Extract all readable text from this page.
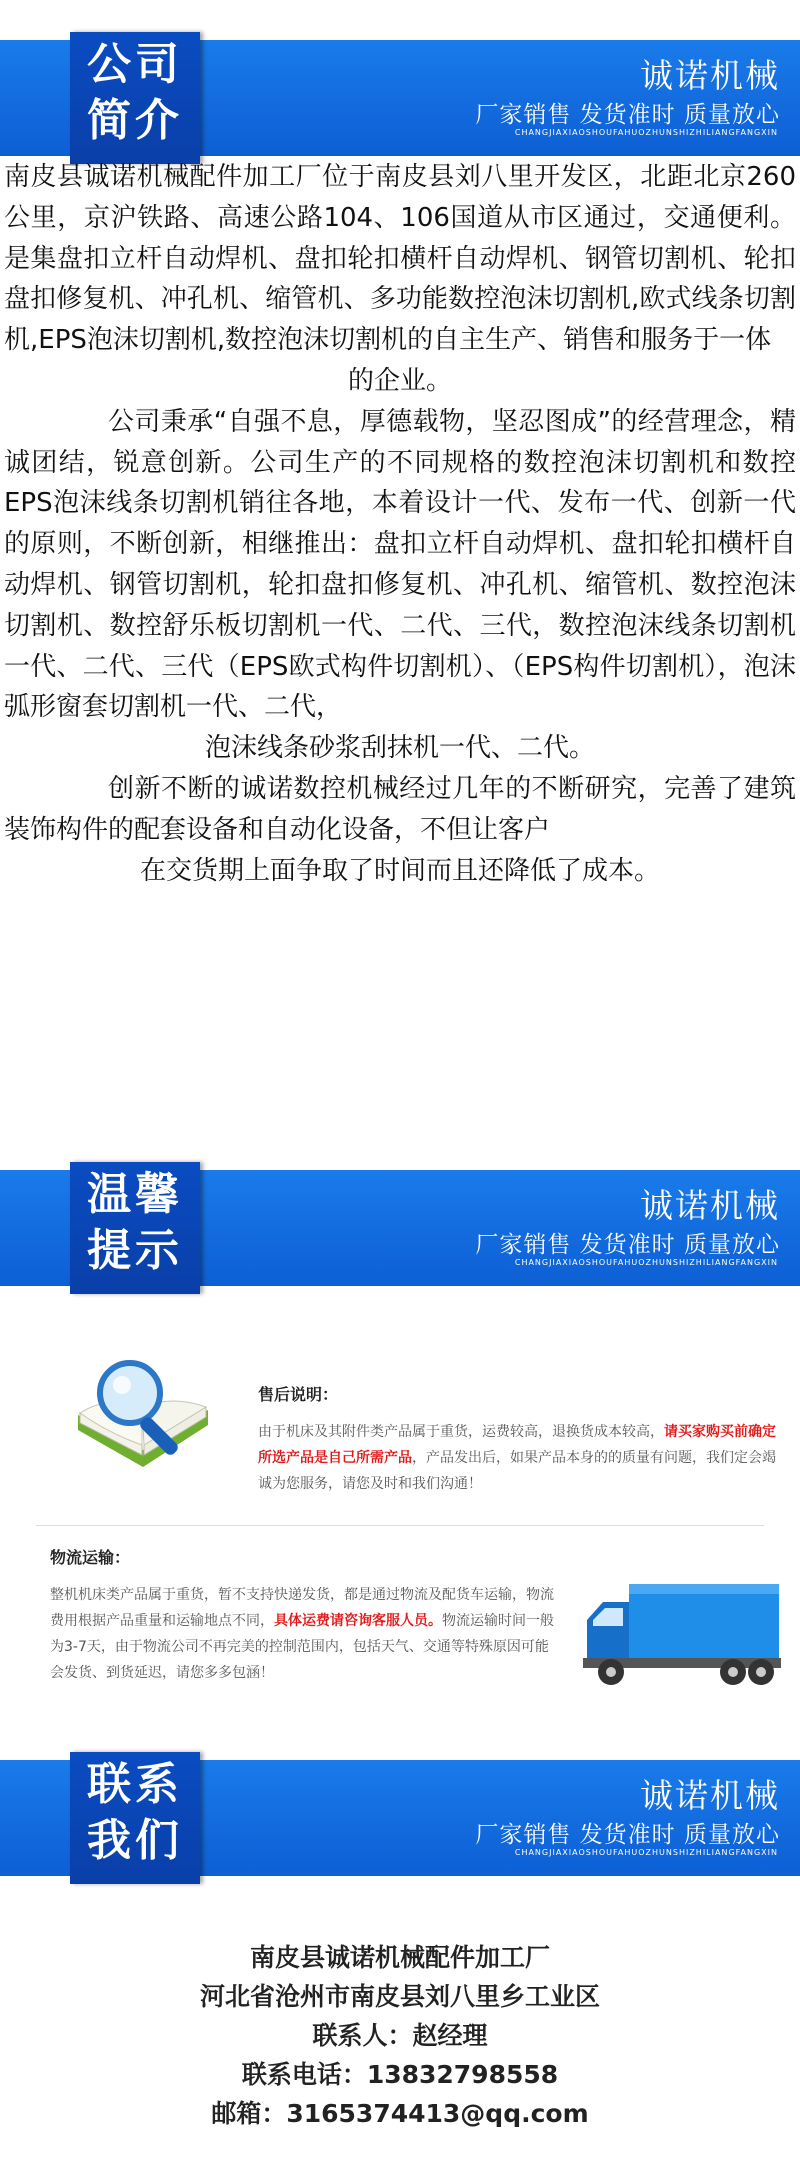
公司
简介
诚诺机械
厂家销售 发货准时 质量放心
CHANGJIAXIAOSHOUFAHUOZHUNSHIZHILIANGFANGXIN

南皮县诚诺机械配件加工厂位于南皮县刘八里开发区，北距北京260公里，京沪铁路、高速公路104、106国道从市区通过，交通便利。是集盘扣立杆自动焊机、盘扣轮扣横杆自动焊机、钢管切割机、轮扣盘扣修复机、冲孔机、缩管机、多功能数控泡沫切割机,欧式线条切割机,EPS泡沫切割机,数控泡沫切割机的自主生产、销售和服务于一体

的企业。

公司秉承“自强不息，厚德载物，坚忍图成”的经营理念，精诚团结，锐意创新。公司生产的不同规格的数控泡沫切割机和数控EPS泡沫线条切割机销往各地，本着设计一代、发布一代、创新一代的原则，不断创新，相继推出：盘扣立杆自动焊机、盘扣轮扣横杆自动焊机、钢管切割机，轮扣盘扣修复机、冲孔机、缩管机、数控泡沫切割机、数控舒乐板切割机一代、二代、三代，数控泡沫线条切割机一代、二代、三代（EPS欧式构件切割机）、（EPS构件切割机），泡沫弧形窗套切割机一代、二代，

泡沫线条砂浆刮抹机一代、二代。

创新不断的诚诺数控机械经过几年的不断研究，完善了建筑装饰构件的配套设备和自动化设备，不但让客户

在交货期上面争取了时间而且还降低了成本。

温馨
提示
诚诺机械
厂家销售 发货准时 质量放心
CHANGJIAXIAOSHOUFAHUOZHUNSHIZHILIANGFANGXIN
售后说明：
由于机床及其附件类产品属于重货，运费较高，退换货成本较高，请买家购买前确定所选产品是自己所需产品，产品发出后，如果产品本身的的质量有问题，我们定会竭诚为您服务，请您及时和我们沟通！
物流运输：
整机机床类产品属于重货，暂不支持快递发货，都是通过物流及配货车运输，物流费用根据产品重量和运输地点不同，具体运费请咨询客服人员。物流运输时间一般为3-7天，由于物流公司不再完美的控制范围内，包括天气、交通等特殊原因可能会发货、到货延迟，请您多多包涵！
联系
我们
诚诺机械
厂家销售 发货准时 质量放心
CHANGJIAXIAOSHOUFAHUOZHUNSHIZHILIANGFANGXIN
南皮县诚诺机械配件加工厂
河北省沧州市南皮县刘八里乡工业区
联系人：赵经理
联系电话：13832798558
邮箱：3165374413@qq.com
